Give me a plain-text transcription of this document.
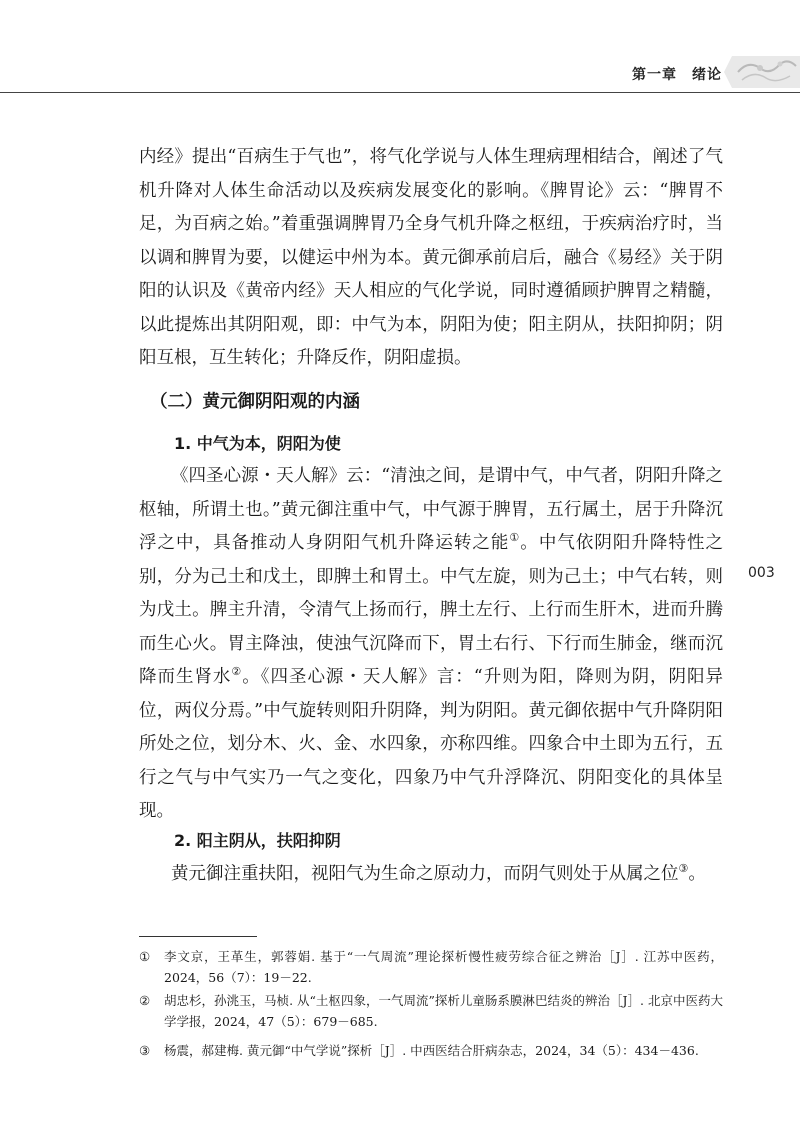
第一章　绪论

内经》提出“百病生于气也”，将气化学说与人体生理病理相结合，阐述了气机升降对人体生命活动以及疾病发展变化的影响。《脾胃论》云：“脾胃不足，为百病之始。”着重强调脾胃乃全身气机升降之枢纽，于疾病治疗时，当以调和脾胃为要，以健运中州为本。黄元御承前启后，融合《易经》关于阴阳的认识及《黄帝内经》天人相应的气化学说，同时遵循顾护脾胃之精髓，以此提炼出其阴阳观，即：中气为本，阴阳为使；阳主阴从，扶阳抑阴；阴阳互根，互生转化；升降反作，阴阳虚损。

（二）黄元御阴阳观的内涵
1. 中气为本，阴阳为使

《四圣心源・天人解》云：“清浊之间，是谓中气，中气者，阴阳升降之枢轴，所谓土也。”黄元御注重中气，中气源于脾胃，五行属土，居于升降沉浮之中，具备推动人身阴阳气机升降运转之能①。中气依阴阳升降特性之别，分为己土和戊土，即脾土和胃土。中气左旋，则为己土；中气右转，则为戊土。脾主升清，令清气上扬而行，脾土左行、上行而生肝木，进而升腾而生心火。胃主降浊，使浊气沉降而下，胃土右行、下行而生肺金，继而沉降而生肾水②。《四圣心源・天人解》言：“升则为阳，降则为阴，阴阳异位，两仪分焉。”中气旋转则阳升阴降，判为阴阳。黄元御依据中气升降阴阳所处之位，划分木、火、金、水四象，亦称四维。四象合中土即为五行，五行之气与中气实乃一气之变化，四象乃中气升浮降沉、阴阳变化的具体呈现。

2. 阳主阴从，扶阳抑阴

黄元御注重扶阳，视阳气为生命之原动力，而阴气则处于从属之位③。

003
①	李文京，王革生，郭蓉娟. 基于“一气周流”理论探析慢性疲劳综合征之辨治［J］. 江苏中医药，2024，56（7）：19－22.
②	胡忠杉，孙洮玉，马桢. 从“土枢四象，一气周流”探析儿童肠系膜淋巴结炎的辨治［J］. 北京中医药大学学报，2024，47（5）：679－685.
③	杨震，郝建梅. 黄元御“中气学说”探析［J］. 中西医结合肝病杂志，2024，34（5）：434－436.
